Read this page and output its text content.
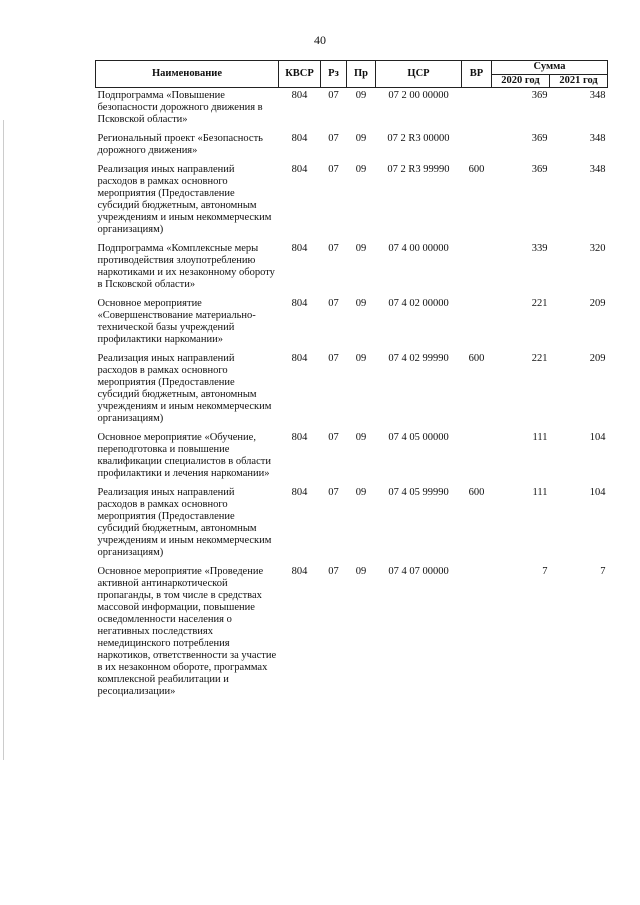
40
Наименование	КВСР	Рз	Пр	ЦСР	ВР	Сумма	
						2020 год	2021 год
Подпрограмма «Повышение безопасности дорожного движения в Псковской области»	804	07	09	07 2 00 00000		369	348
Региональный проект «Безопасность дорожного движения»	804	07	09	07 2 R3 00000		369	348
Реализация иных направлений расходов в рамках основного мероприятия (Предоставление субсидий бюджетным, автономным учреждениям и иным некоммерческим организациям)	804	07	09	07 2 R3 99990	600	369	348
Подпрограмма «Комплексные меры противодействия злоупотреблению наркотиками и их незаконному обороту в Псковской области»	804	07	09	07 4 00 00000		339	320
Основное мероприятие «Совершенствование материально-технической базы учреждений профилактики наркомании»	804	07	09	07 4 02 00000		221	209
Реализация иных направлений расходов в рамках основного мероприятия (Предоставление субсидий бюджетным, автономным учреждениям и иным некоммерческим организациям)	804	07	09	07 4 02 99990	600	221	209
Основное мероприятие «Обучение, переподготовка и повышение квалификации специалистов в области профилактики и лечения наркомании»	804	07	09	07 4 05 00000		111	104
Реализация иных направлений расходов в рамках основного мероприятия (Предоставление субсидий бюджетным, автономным учреждениям и иным некоммерческим организациям)	804	07	09	07 4 05 99990	600	111	104
Основное мероприятие «Проведение активной антинаркотической пропаганды, в том числе в средствах массовой информации, повышение осведомленности населения о негативных последствиях немедицинского потребления наркотиков, ответственности за участие в их незаконном обороте, программах комплексной реабилитации и ресоциализации»	804	07	09	07 4 07 00000		7	7
